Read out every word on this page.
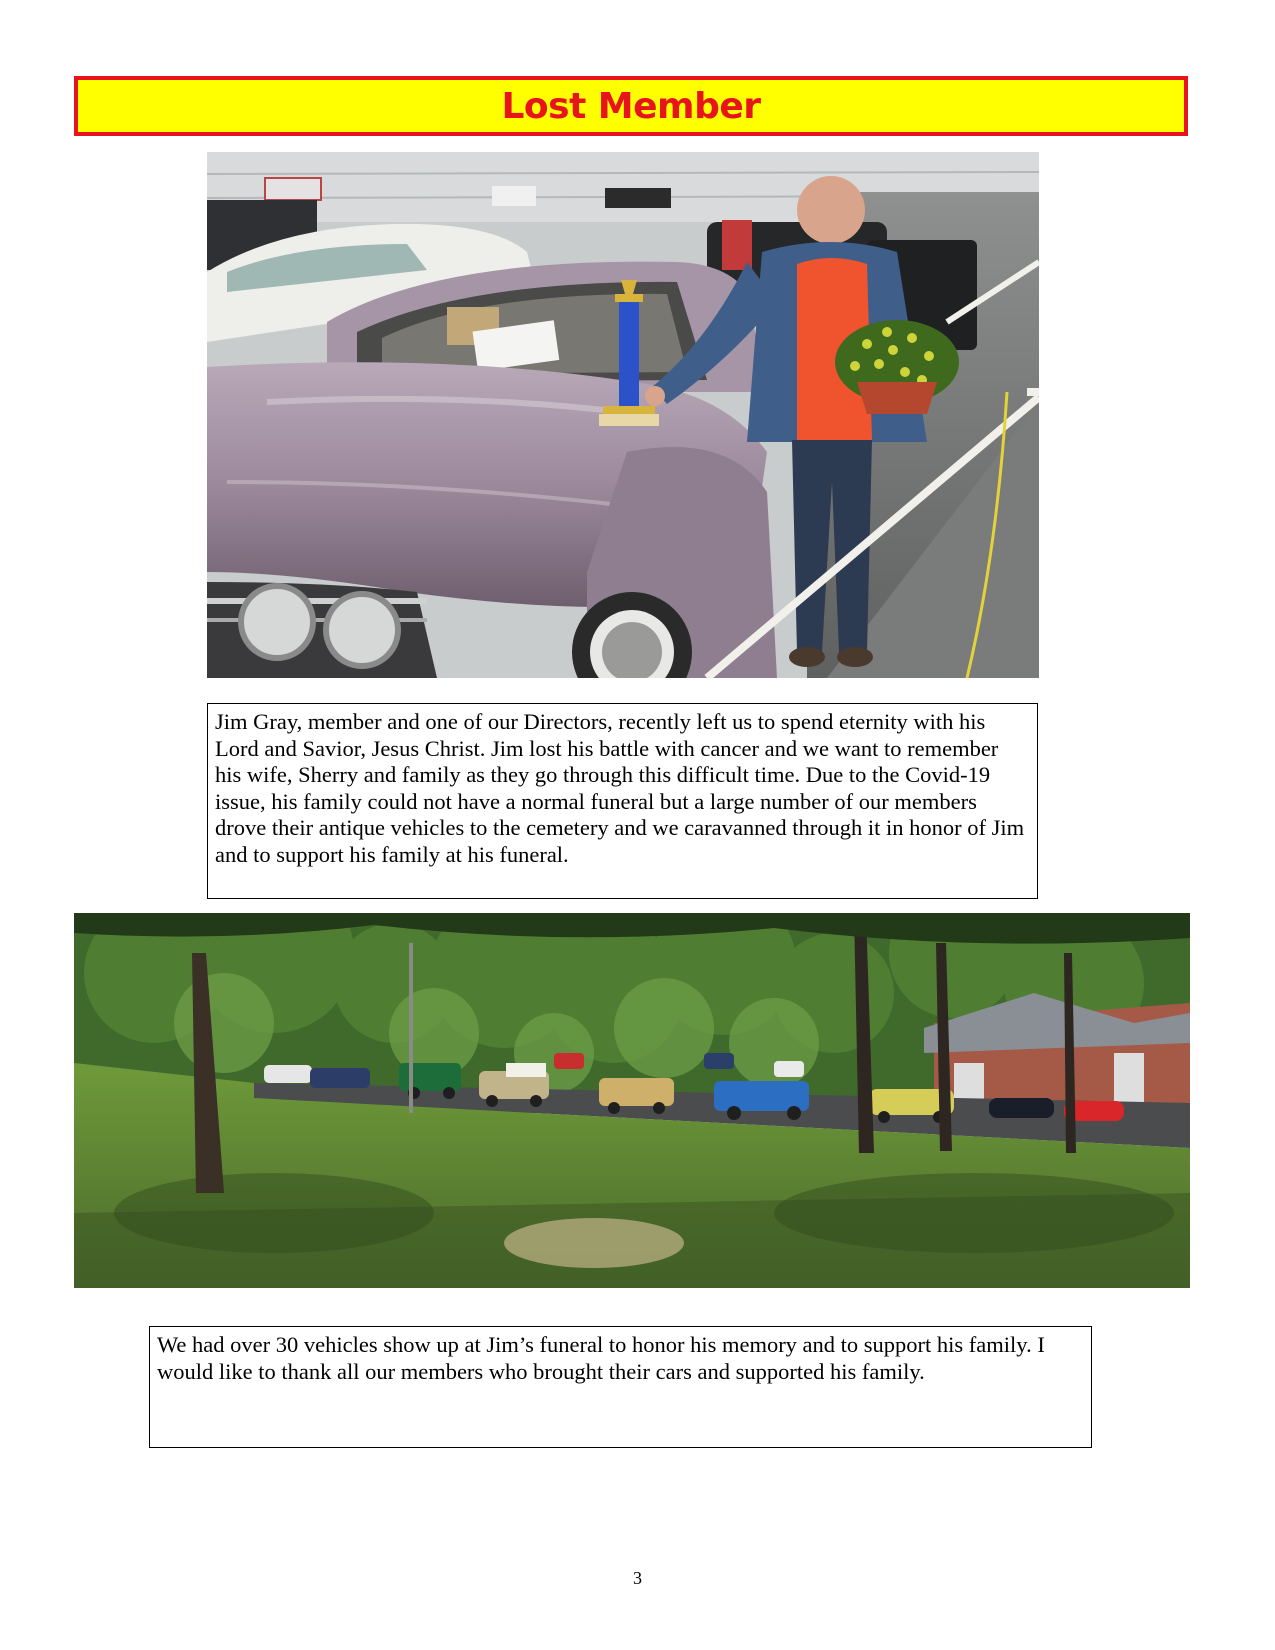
Lost Member
Jim Gray, member and one of our Directors, recently left us to spend eternity with his Lord and Savior, Jesus Christ. Jim lost his battle with cancer and we want to remember his wife, Sherry and family as they go through this difficult time. Due to the Covid-19 issue, his family could not have a normal funeral but a large number of our members drove their antique vehicles to the cemetery and we caravanned through it in honor of Jim and to support his family at his funeral.
We had over 30 vehicles show up at Jim’s funeral to honor his memory and to support his family. I would like to thank all our members who brought their cars and supported his family.
3
